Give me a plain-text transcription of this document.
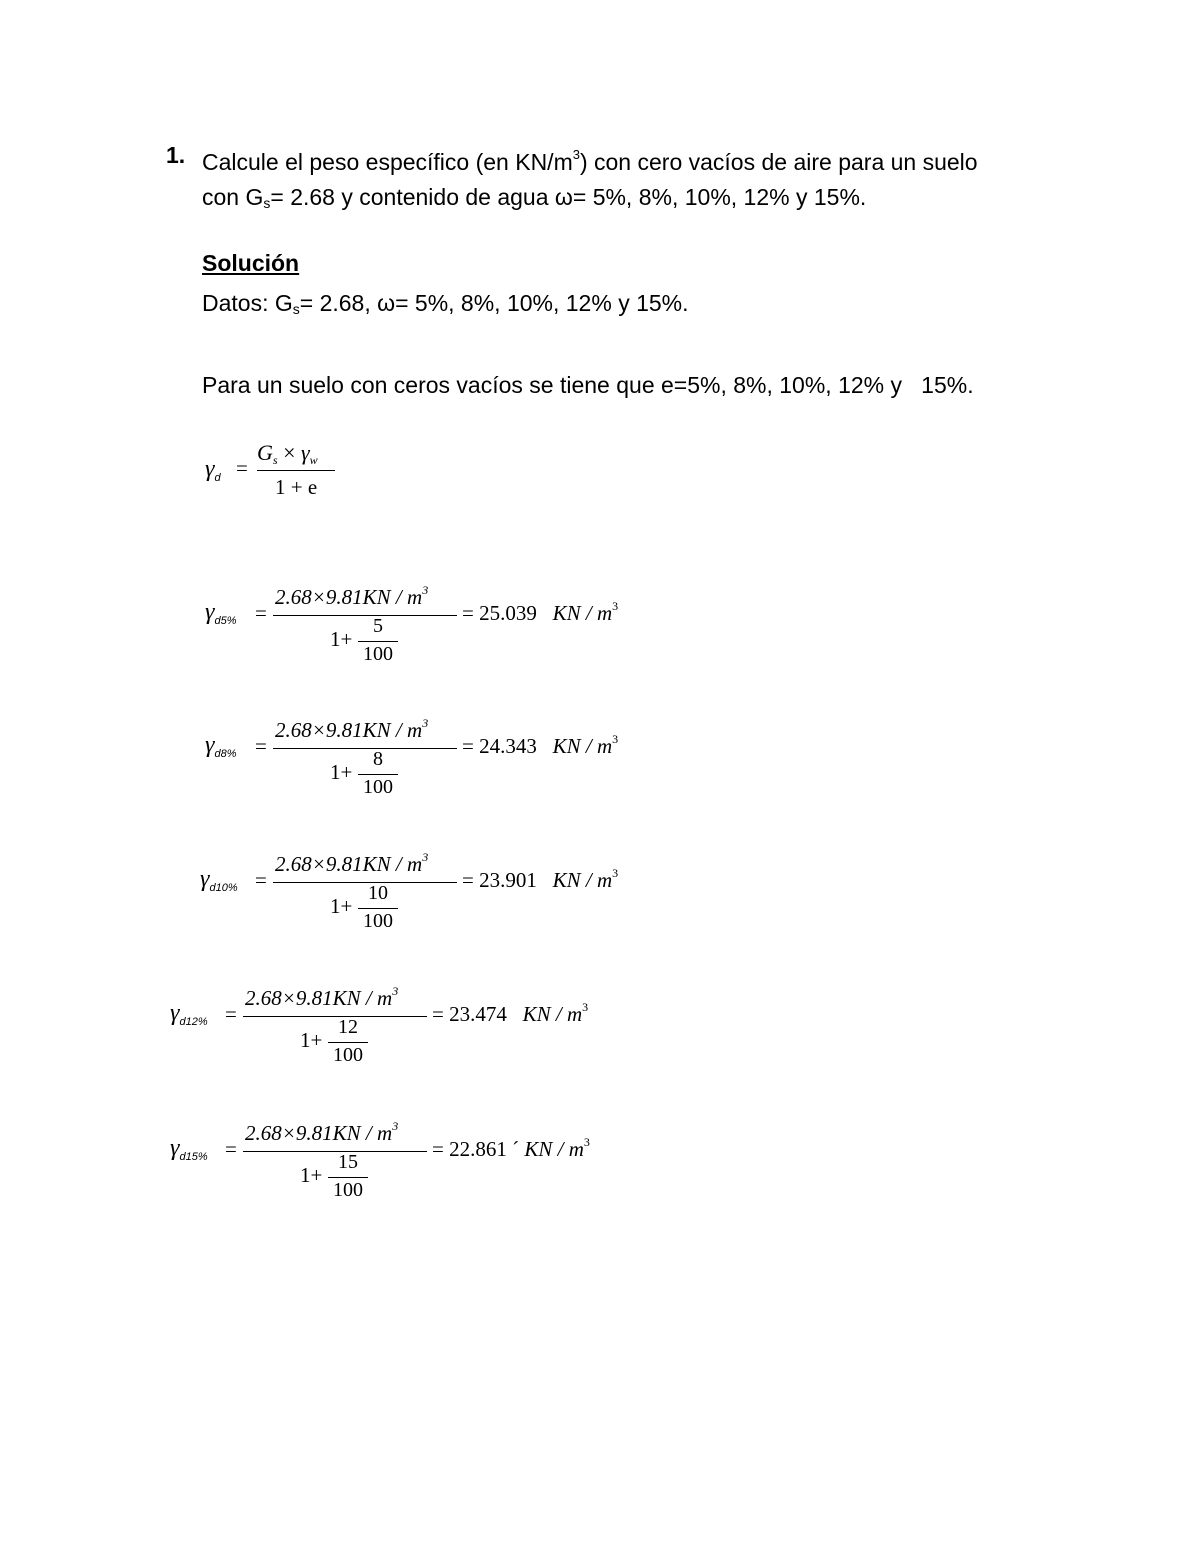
1. Calcule el peso específico (en $KN/m^3$) con cero vacíos de aire para un suelo
con $G_s= 2.68$ y contenido de agua ω= 5%, 8%, 10%, 12% y 15%.
Solución
Datos: $G_s= 2.68$, ω= 5%, 8%, 10%, 12% y 15%.
Para un suelo con ceros vacíos se tiene que e=5%, 8%, 10%, 12% y   15%.
$\gamma_d$ =
Gs × γw
1 + e
$\gamma_{d5\%}$ =
$2.68\times 9.81KN / m^3$
1+
5
100
= 25.039   KN / $m^3$
$\gamma_{d8\%}$ =
$2.68\times 9.81KN / m^3$
1+
8
100
= 24.343   KN / $m^3$
$\gamma_{d10\%}$ =
$2.68\times 9.81KN / m^3$
1+
10
100
= 23.901   KN / $m^3$
$\gamma_{d12\%}$ =
$2.68\times 9.81KN / m^3$
1+
12
100
= 23.474   KN / $m^3$
$\gamma_{d15\%}$ =
$2.68\times 9.81KN / m^3$
1+
15
100
= 22.861 ´ KN / $m^3$
